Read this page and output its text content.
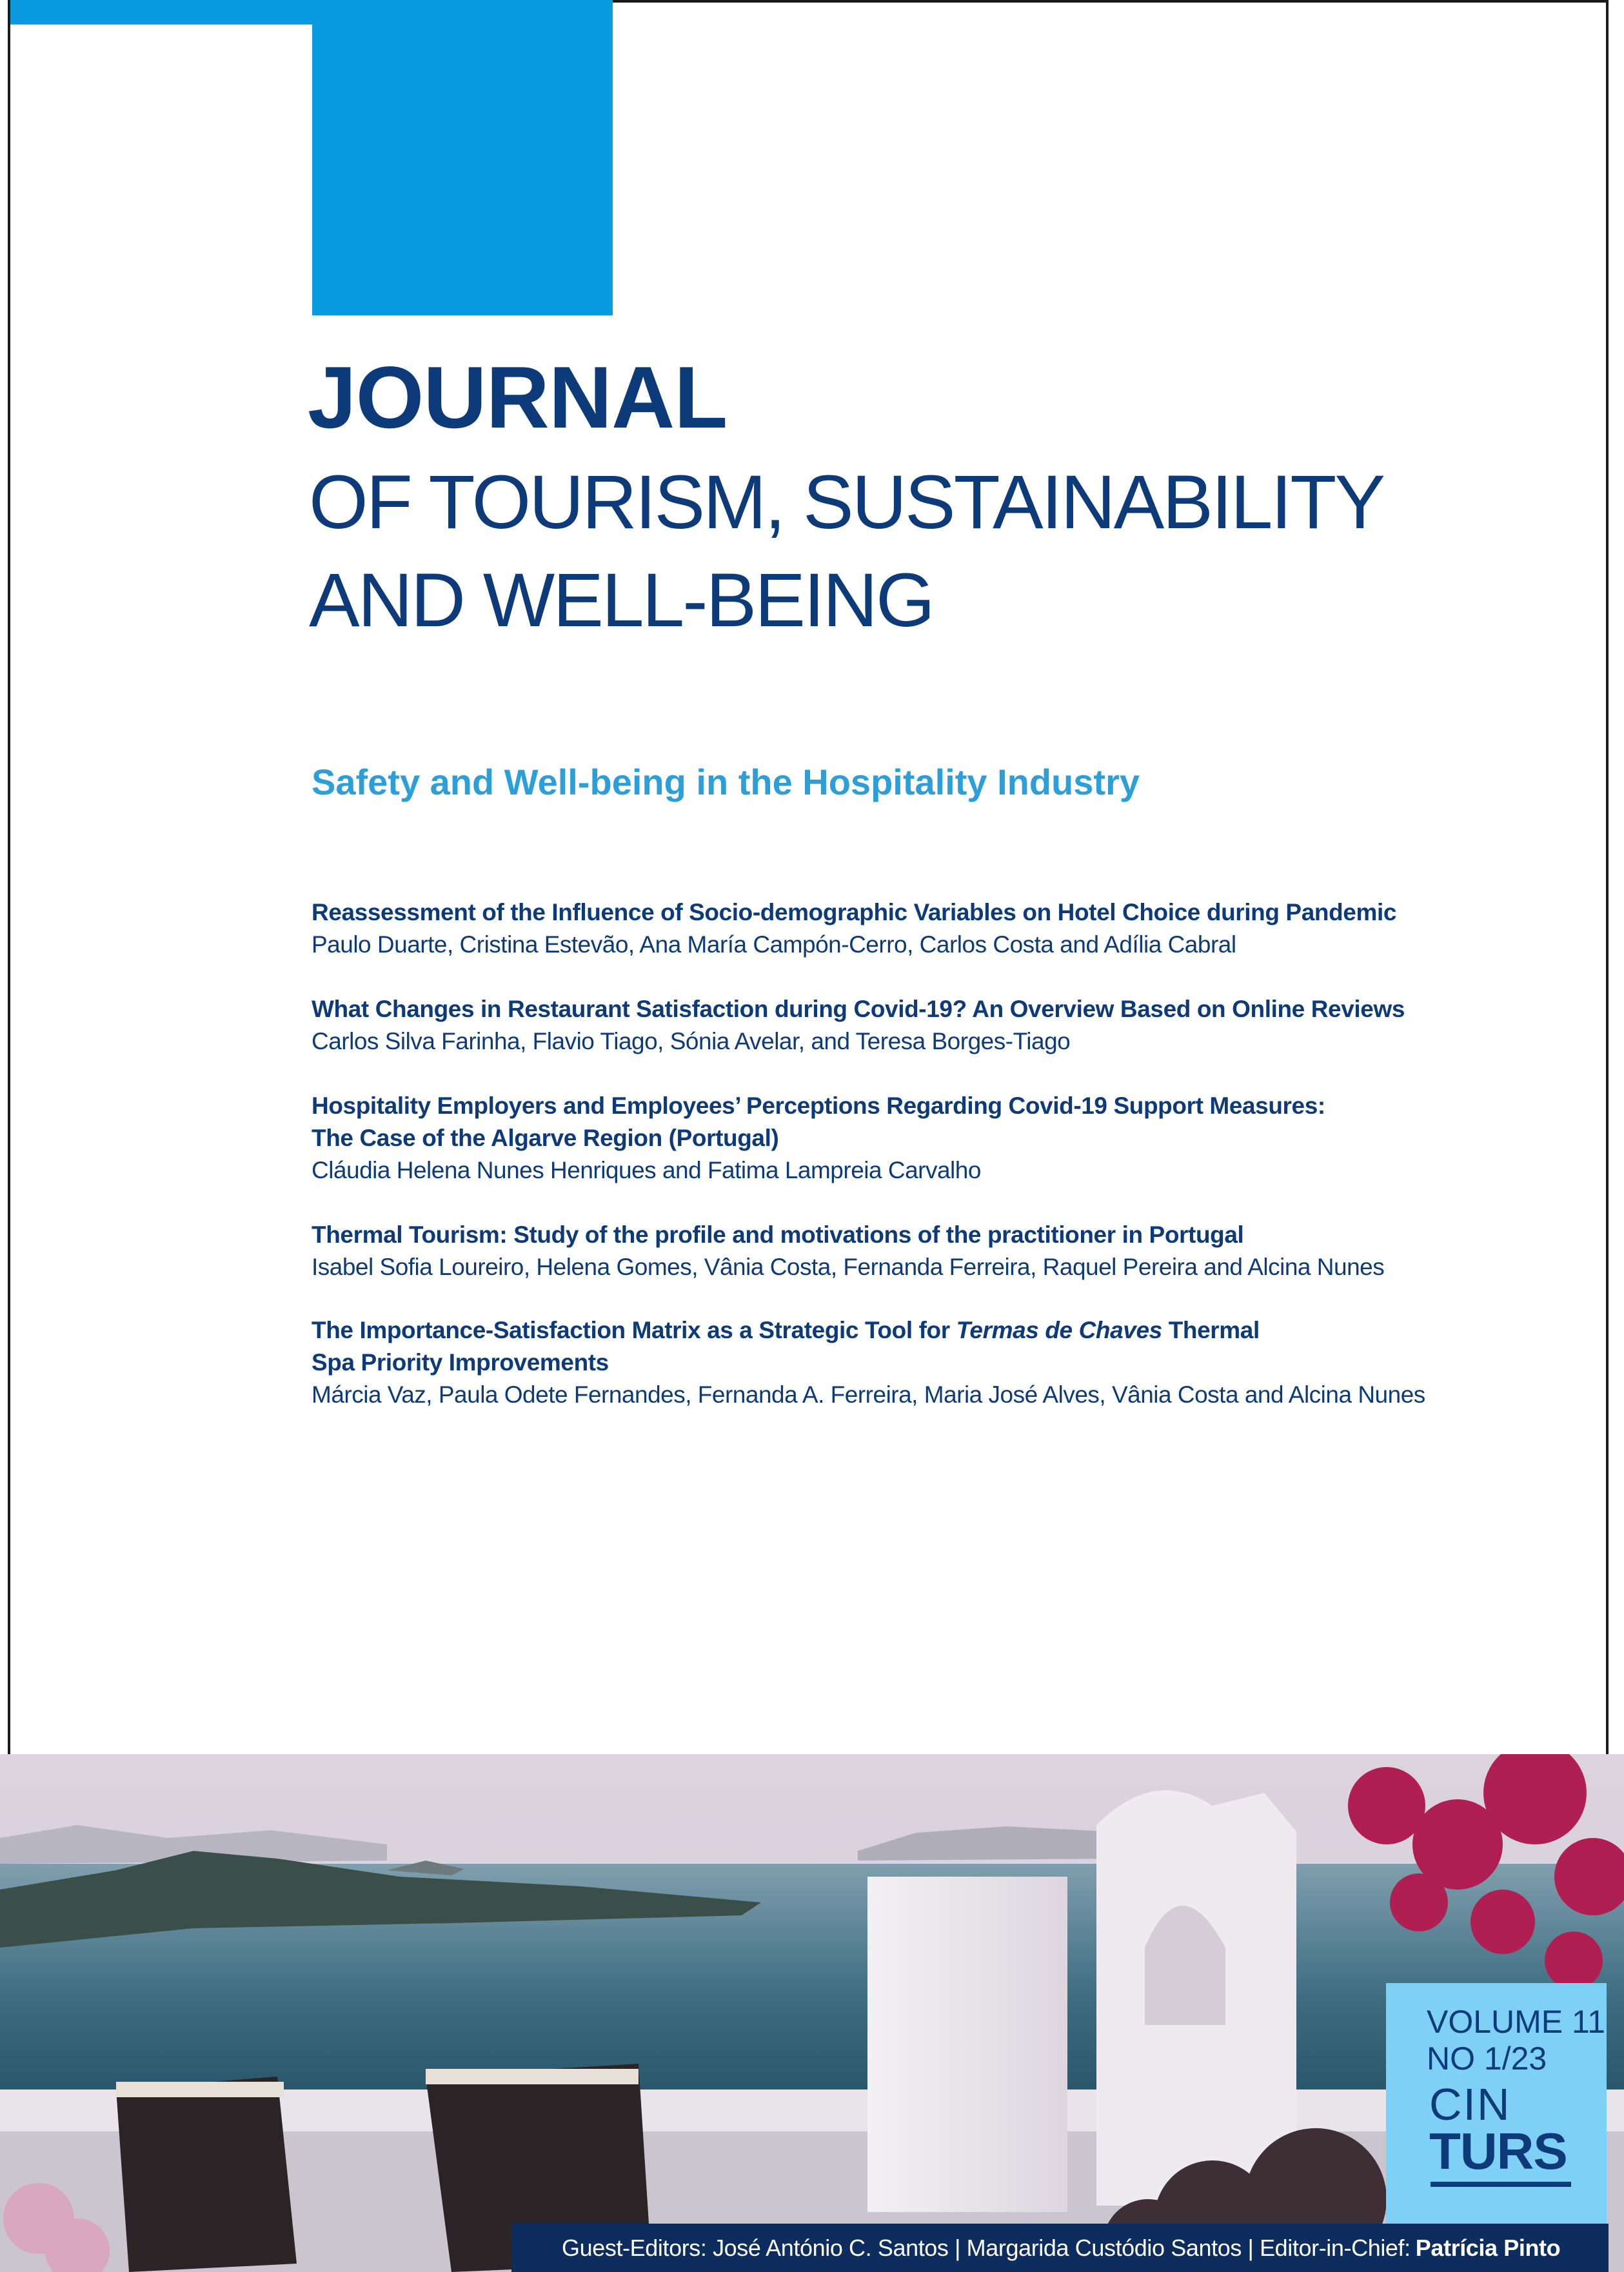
JOURNAL
OF TOURISM, SUSTAINABILITY
AND WELL-BEING
Safety and Well-being in the Hospitality Industry
Reassessment of the Influence of Socio-demographic Variables on Hotel Choice during Pandemic
Paulo Duarte, Cristina Estevão, Ana María Campón-Cerro, Carlos Costa and Adília Cabral
What Changes in Restaurant Satisfaction during Covid-19? An Overview Based on Online Reviews
Carlos Silva Farinha, Flavio Tiago, Sónia Avelar, and Teresa Borges-Tiago
Hospitality Employers and Employees’ Perceptions Regarding Covid-19 Support Measures:
The Case of the Algarve Region (Portugal)
Cláudia Helena Nunes Henriques and Fatima Lampreia Carvalho
Thermal Tourism: Study of the profile and motivations of the practitioner in Portugal
Isabel Sofia Loureiro, Helena Gomes, Vânia Costa, Fernanda Ferreira, Raquel Pereira and Alcina Nunes
The Importance-Satisfaction Matrix as a Strategic Tool for Termas de Chaves Thermal
Spa Priority Improvements
Márcia Vaz, Paula Odete Fernandes, Fernanda A. Ferreira, Maria José Alves, Vânia Costa and Alcina Nunes
VOLUME 11
NO 1/23
CIN
TURS
Guest-Editors: José António C. Santos | Margarida Custódio Santos | Editor-in-Chief: Patrícia Pinto
